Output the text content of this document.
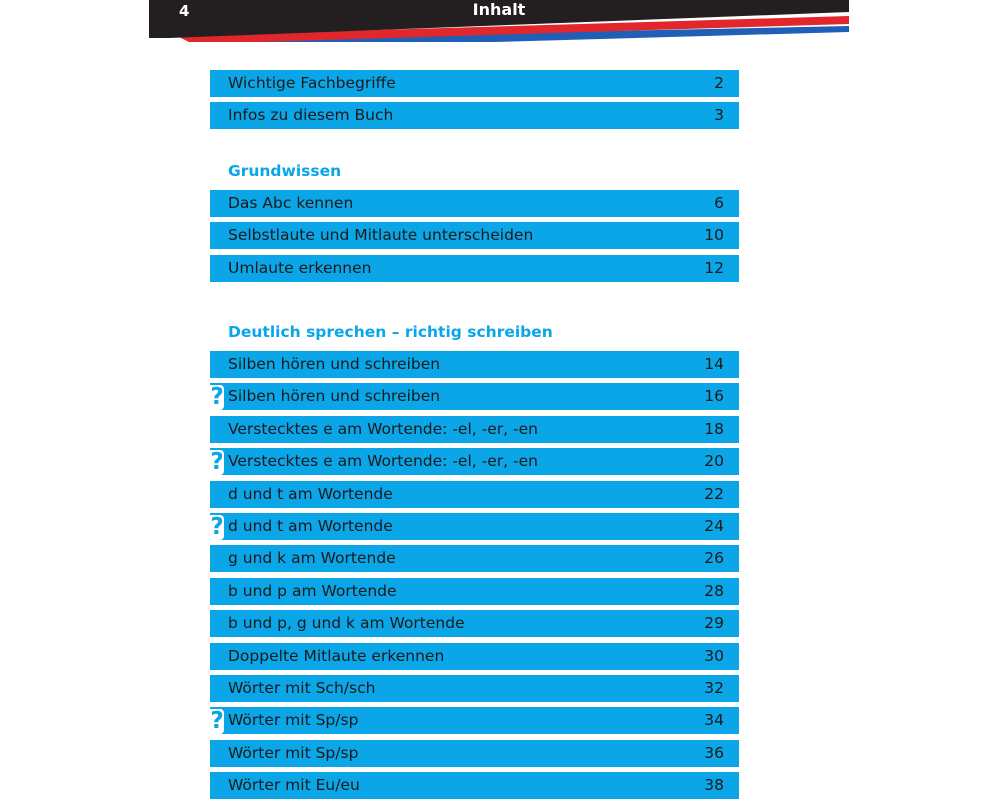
4	Inhalt
Wichtige Fachbegriffe	2
Infos zu diesem Buch	3
Grundwissen
Das Abc kennen	6
Selbstlaute und Mitlaute unterscheiden	10
Umlaute erkennen	12
Deutlich sprechen – richtig schreiben
Silben hören und schreiben	14
? Silben hören und schreiben	16
Verstecktes e am Wortende: -el, -er, -en	18
? Verstecktes e am Wortende: -el, -er, -en	20
d und t am Wortende	22
? d und t am Wortende	24
g und k am Wortende	26
b und p am Wortende	28
b und p, g und k am Wortende	29
Doppelte Mitlaute erkennen	30
Wörter mit Sch/sch	32
? Wörter mit Sp/sp	34
Wörter mit Sp/sp	36
Wörter mit Eu/eu	38
